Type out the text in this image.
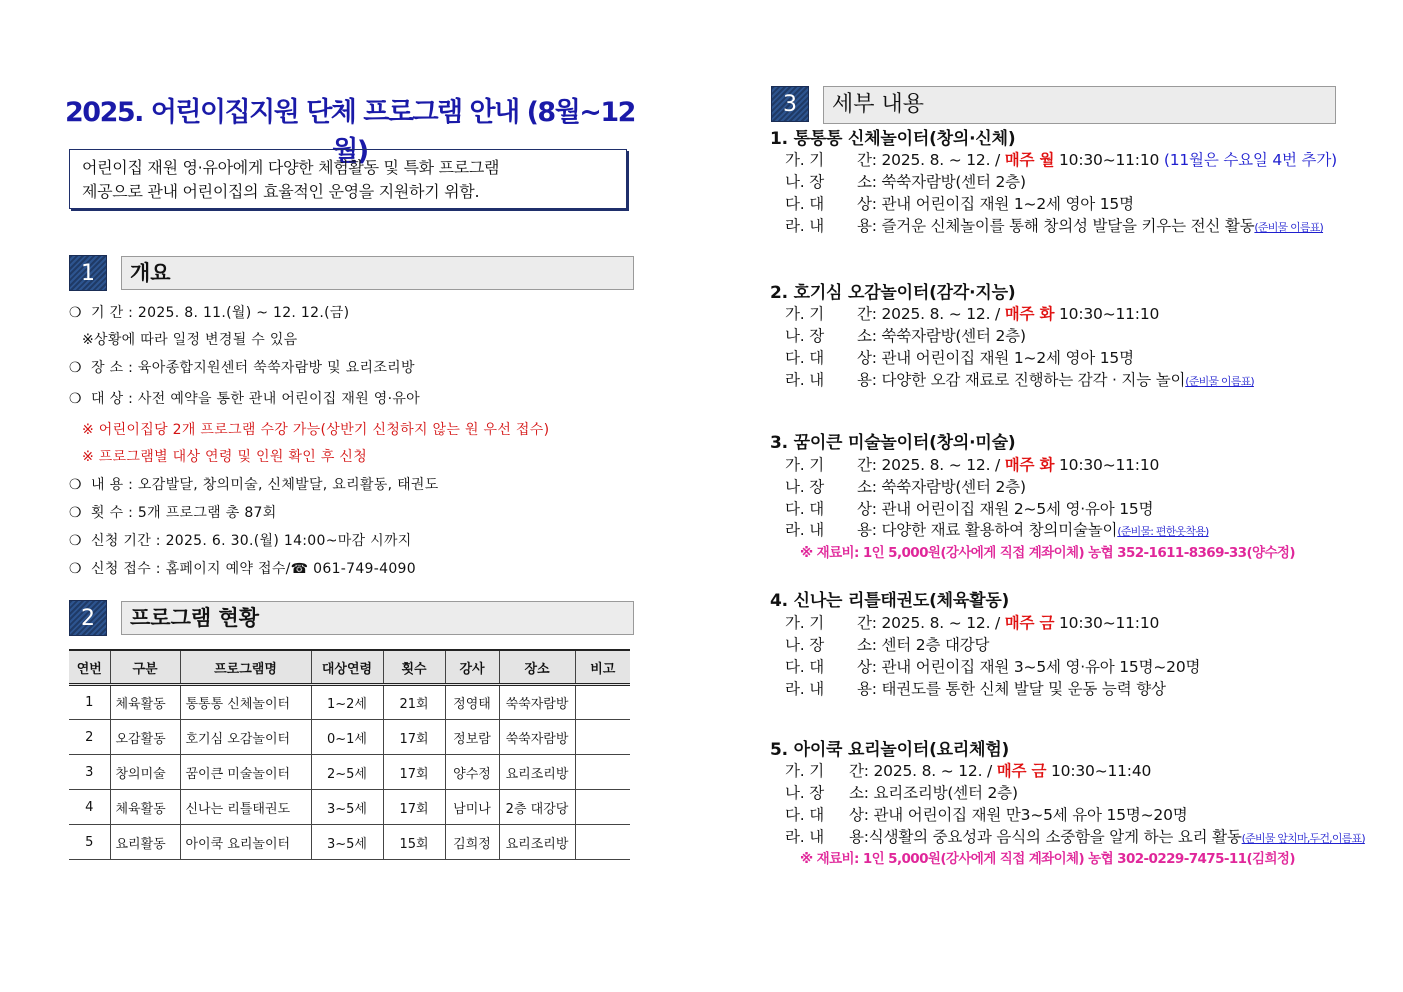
2025. 어린이집지원 단체 프로그램 안내 (8월~12월)
어린이집 재원 영·유아에게 다양한 체험활동 및 특화 프로그램
제공으로 관내 어린이집의 효율적인 운영을 지원하기 위함.
1	개요
❍ 기 간 : 2025. 8. 11.(월) ~ 12. 12.(금)
※상황에 따라 일정 변경될 수 있음
❍ 장 소 : 육아종합지원센터 쑥쑥자람방 및 요리조리방
❍ 대 상 : 사전 예약을 통한 관내 어린이집 재원 영·유아
※ 어린이집당 2개 프로그램 수강 가능(상반기 신청하지 않는 원 우선 접수)
※ 프로그램별 대상 연령 및 인원 확인 후 신청
❍ 내 용 : 오감발달, 창의미술, 신체발달, 요리활동, 태권도
❍ 횟 수 : 5개 프로그램 총 87회
❍ 신청 기간 : 2025. 6. 30.(월) 14:00~마감 시까지
❍ 신청 접수 : 홈페이지 예약 접수/☎ 061-749-4090
2	프로그램 현황
연번	구분	프로그램명	대상연령	횟수	강사	장소	비고
1	체육활동	통통통 신체놀이터	1~2세	21회	정영태	쑥쑥자람방	
2	오감활동	호기심 오감놀이터	0~1세	17회	정보람	쑥쑥자람방	
3	창의미술	꿈이큰 미술놀이터	2~5세	17회	양수정	요리조리방	
4	체육활동	신나는 리틀태권도	3~5세	17회	남미나	2층 대강당	
5	요리활동	아이쿡 요리놀이터	3~5세	15회	김희정	요리조리방	
3	세부 내용
1. 통통통 신체놀이터(창의·신체)
가. 기 간: 2025. 8. ~ 12. / 매주 월 10:30~11:10 (11월은 수요일 4번 추가)
나. 장 소: 쑥쑥자람방(센터 2층)
다. 대 상: 관내 어린이집 재원 1~2세 영아 15명
라. 내 용: 즐거운 신체놀이를 통해 창의성 발달을 키우는 전신 활동(준비물 이름표)
2. 호기심 오감놀이터(감각·지능)
가. 기 간: 2025. 8. ~ 12. / 매주 화 10:30~11:10
나. 장 소: 쑥쑥자람방(센터 2층)
다. 대 상: 관내 어린이집 재원 1~2세 영아 15명
라. 내 용: 다양한 오감 재료로 진행하는 감각 · 지능 놀이(준비물 이름표)
3. 꿈이큰 미술놀이터(창의·미술)
가. 기 간: 2025. 8. ~ 12. / 매주 화 10:30~11:10
나. 장 소: 쑥쑥자람방(센터 2층)
다. 대 상: 관내 어린이집 재원 2~5세 영·유아 15명
라. 내 용: 다양한 재료 활용하여 창의미술놀이(준비물: 편한옷착용)
※ 재료비: 1인 5,000원(강사에게 직접 계좌이체) 농협 352-1611-8369-33(양수정)
4. 신나는 리틀태권도(체육활동)
가. 기 간: 2025. 8. ~ 12. / 매주 금 10:30~11:10
나. 장 소: 센터 2층 대강당
다. 대 상: 관내 어린이집 재원 3~5세 영·유아 15명~20명
라. 내 용: 태권도를 통한 신체 발달 및 운동 능력 향상
5. 아이쿡 요리놀이터(요리체험)
가. 기 간: 2025. 8. ~ 12. / 매주 금 10:30~11:40
나. 장 소: 요리조리방(센터 2층)
다. 대 상: 관내 어린이집 재원 만3~5세 유아 15명~20명
라. 내 용:식생활의 중요성과 음식의 소중함을 알게 하는 요리 활동(준비물 앞치마,두건,이름표)
※ 재료비: 1인 5,000원(강사에게 직접 계좌이체) 농협 302-0229-7475-11(김희정)
